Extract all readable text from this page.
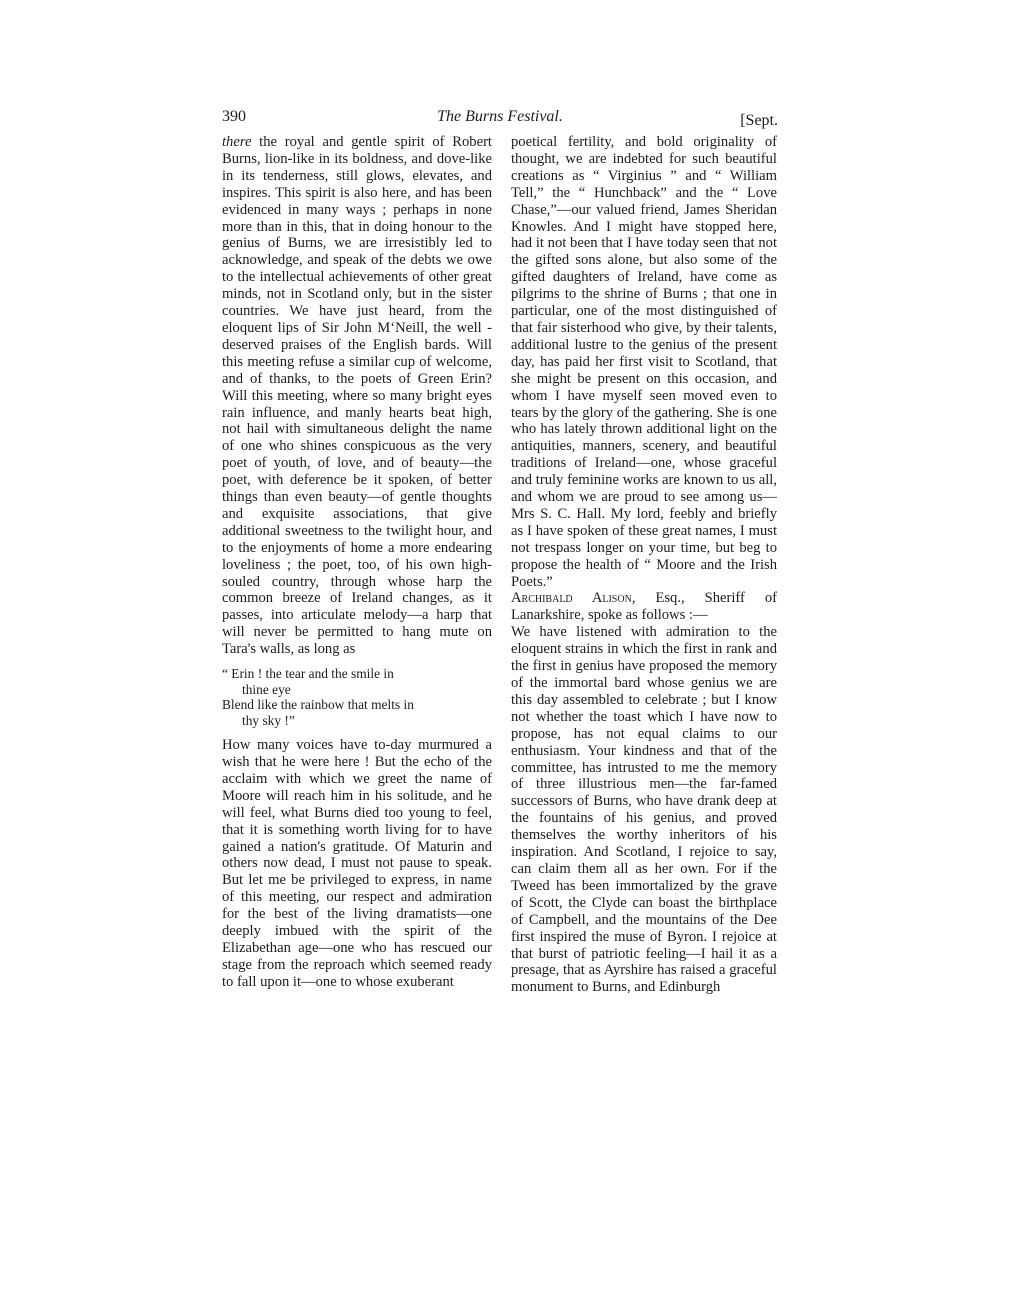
390	The Burns Festival.	[Sept.

there the royal and gentle spirit of Robert Burns, lion-like in its boldness, and dove-like in its tenderness, still glows, elevates, and inspires. This spirit is also here, and has been evidenced in many ways ; perhaps in none more than in this, that in doing honour to the genius of Burns, we are irresistibly led to acknowledge, and speak of the debts we owe to the intellectual achievements of other great minds, not in Scotland only, but in the sister countries. We have just heard, from the eloquent lips of Sir John M‘Neill, the well - deserved praises of the English bards. Will this meeting refuse a similar cup of welcome, and of thanks, to the poets of Green Erin? Will this meeting, where so many bright eyes rain influence, and manly hearts beat high, not hail with simultaneous delight the name of one who shines conspicuous as the very poet of youth, of love, and of beauty—the poet, with deference be it spoken, of better things than even beauty—of gentle thoughts and exquisite associations, that give additional sweetness to the twilight hour, and to the enjoyments of home a more endearing loveliness ; the poet, too, of his own high-souled country, through whose harp the common breeze of Ireland changes, as it passes, into articulate melody—a harp that will never be permitted to hang mute on Tara's walls, as long as

“ Erin ! the tear and the smile in
thine eye
Blend like the rainbow that melts in
thy sky !”

How many voices have to-day murmured a wish that he were here ! But the echo of the acclaim with which we greet the name of Moore will reach him in his solitude, and he will feel, what Burns died too young to feel, that it is something worth living for to have gained a nation's gratitude. Of Maturin and others now dead, I must not pause to speak. But let me be privileged to express, in name of this meeting, our respect and admiration for the best of the living dramatists—one deeply imbued with the spirit of the Elizabethan age—one who has rescued our stage from the reproach which seemed ready to fall upon it—one to whose exuberant

poetical fertility, and bold originality of thought, we are indebted for such beautiful creations as “ Virginius ” and “ William Tell,” the “ Hunchback” and the “ Love Chase,”—our valued friend, James Sheridan Knowles. And I might have stopped here, had it not been that I have today seen that not the gifted sons alone, but also some of the gifted daughters of Ireland, have come as pilgrims to the shrine of Burns ; that one in particular, one of the most distinguished of that fair sisterhood who give, by their talents, additional lustre to the genius of the present day, has paid her first visit to Scotland, that she might be present on this occasion, and whom I have myself seen moved even to tears by the glory of the gathering. She is one who has lately thrown additional light on the antiquities, manners, scenery, and beautiful traditions of Ireland—one, whose graceful and truly feminine works are known to us all, and whom we are proud to see among us—Mrs S. C. Hall. My lord, feebly and briefly as I have spoken of these great names, I must not trespass longer on your time, but beg to propose the health of “ Moore and the Irish Poets.”

Archibald Alison, Esq., Sheriff of Lanarkshire, spoke as follows :—

We have listened with admiration to the eloquent strains in which the first in rank and the first in genius have proposed the memory of the immortal bard whose genius we are this day assembled to celebrate ; but I know not whether the toast which I have now to propose, has not equal claims to our enthusiasm. Your kindness and that of the committee, has intrusted to me the memory of three illustrious men—the far-famed successors of Burns, who have drank deep at the fountains of his genius, and proved themselves the worthy inheritors of his inspiration. And Scotland, I rejoice to say, can claim them all as her own. For if the Tweed has been immortalized by the grave of Scott, the Clyde can boast the birthplace of Campbell, and the mountains of the Dee first inspired the muse of Byron. I rejoice at that burst of patriotic feeling—I hail it as a presage, that as Ayrshire has raised a graceful monument to Burns, and Edinburgh
